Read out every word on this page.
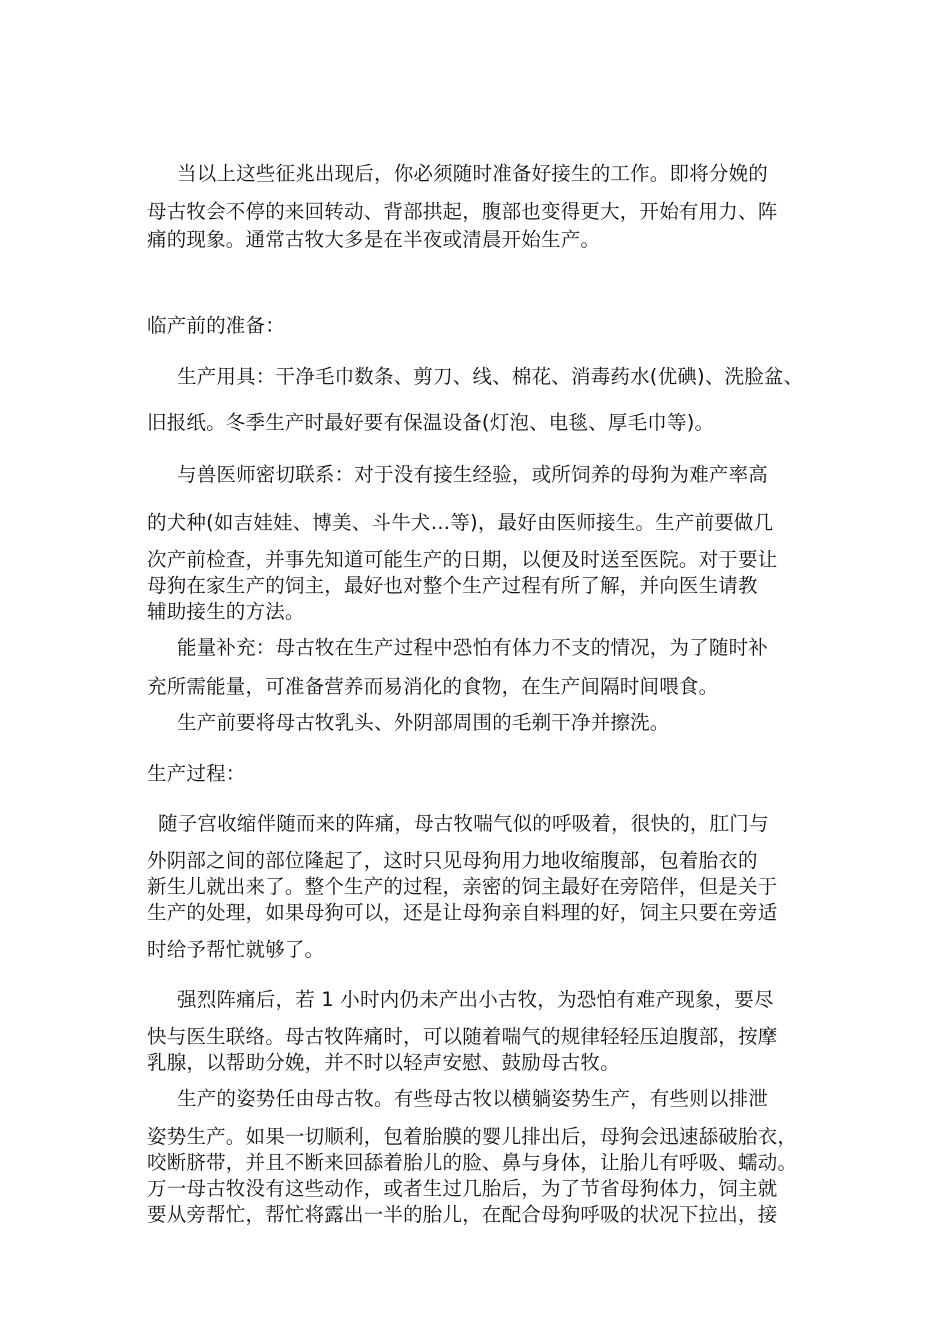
当以上这些征兆出现后，你必须随时准备好接生的工作。即将分娩的
母古牧会不停的来回转动、背部拱起，腹部也变得更大，开始有用力、阵
痛的现象。通常古牧大多是在半夜或清晨开始生产。
临产前的准备：
生产用具：干净毛巾数条、剪刀、线、棉花、消毒药水(优碘)、洗脸盆、
旧报纸。冬季生产时最好要有保温设备(灯泡、电毯、厚毛巾等)。
与兽医师密切联系：对于没有接生经验，或所饲养的母狗为难产率高
的犬种(如吉娃娃、博美、斗牛犬…等)，最好由医师接生。生产前要做几
次产前检查，并事先知道可能生产的日期，以便及时送至医院。对于要让
母狗在家生产的饲主，最好也对整个生产过程有所了解，并向医生请教
辅助接生的方法。
能量补充：母古牧在生产过程中恐怕有体力不支的情况，为了随时补
充所需能量，可准备营养而易消化的食物，在生产间隔时间喂食。
生产前要将母古牧乳头、外阴部周围的毛剃干净并擦洗。
生产过程：
随子宫收缩伴随而来的阵痛，母古牧喘气似的呼吸着，很快的，肛门与
外阴部之间的部位隆起了，这时只见母狗用力地收缩腹部，包着胎衣的
新生儿就出来了。整个生产的过程，亲密的饲主最好在旁陪伴，但是关于
生产的处理，如果母狗可以，还是让母狗亲自料理的好，饲主只要在旁适
时给予帮忙就够了。
强烈阵痛后，若 1 小时内仍未产出小古牧，为恐怕有难产现象，要尽
快与医生联络。母古牧阵痛时，可以随着喘气的规律轻轻压迫腹部，按摩
乳腺，以帮助分娩，并不时以轻声安慰、鼓励母古牧。
生产的姿势任由母古牧。有些母古牧以横躺姿势生产，有些则以排泄
姿势生产。如果一切顺利，包着胎膜的婴儿排出后，母狗会迅速舔破胎衣，
咬断脐带，并且不断来回舔着胎儿的脸、鼻与身体，让胎儿有呼吸、蠕动。
万一母古牧没有这些动作，或者生过几胎后，为了节省母狗体力，饲主就
要从旁帮忙，帮忙将露出一半的胎儿，在配合母狗呼吸的状况下拉出，接
